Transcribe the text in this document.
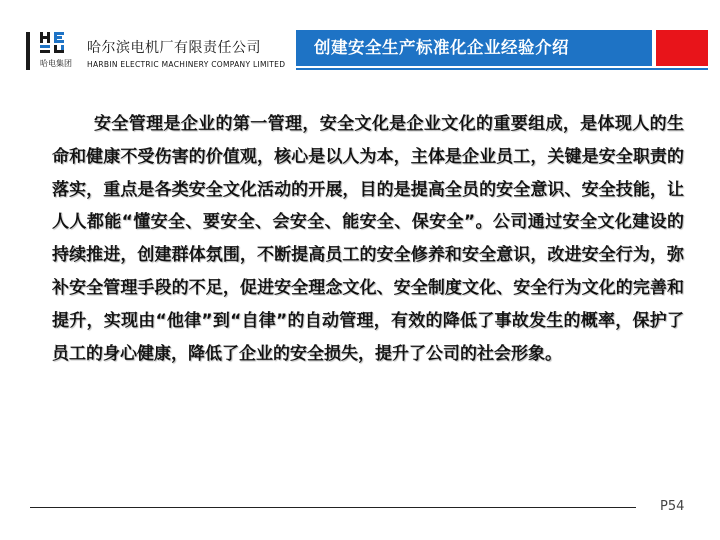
哈电集团
哈尔滨电机厂有限责任公司
HARBIN ELECTRIC MACHINERY COMPANY LIMITED
创建安全生产标准化企业经验介绍

安全管理是企业的第一管理，安全文化是企业文化的重要组成，是体现人的生命和健康不受伤害的价值观，核心是以人为本，主体是企业员工，关键是安全职责的落实，重点是各类安全文化活动的开展，目的是提高全员的安全意识、安全技能，让人人都能“懂安全、要安全、会安全、能安全、保安全”。公司通过安全文化建设的持续推进，创建群体氛围，不断提高员工的安全修养和安全意识，改进安全行为，弥补安全管理手段的不足，促进安全理念文化、安全制度文化、安全行为文化的完善和提升，实现由“他律”到“自律”的自动管理，有效的降低了事故发生的概率，保护了员工的身心健康，降低了企业的安全损失，提升了公司的社会形象。

P54
